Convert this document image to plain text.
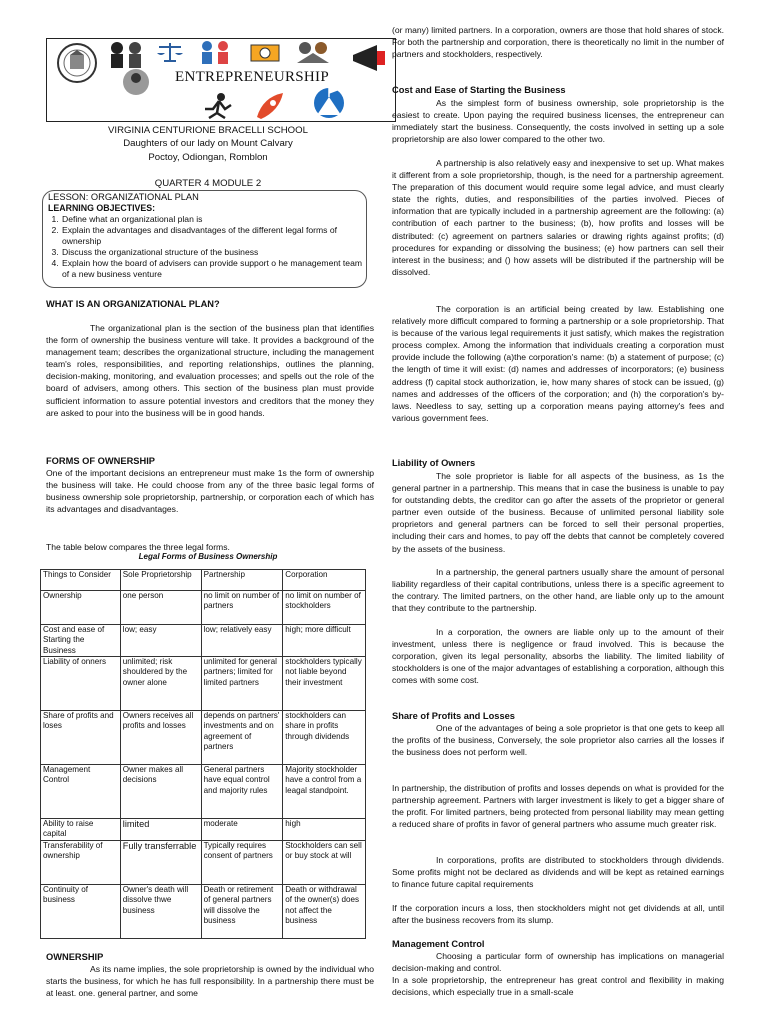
ENTREPRENEURSHIP
VIRGINIA CENTURIONE BRACELLI SCHOOL
Daughters of our lady on Mount Calvary
Poctoy, Odiongan, Romblon
QUARTER 4 MODULE 2
LESSON: ORGANIZATIONAL PLAN
LEARNING OBJECTIVES:
1. Define what an organizational plan is
2. Explain the advantages and disadvantages of the different legal forms of ownership
3. Discuss the organizational structure of the business
4. Explain how the board of advisers can provide support o he management team of a new business venture
WHAT IS AN ORGANIZATIONAL PLAN?

The organizational plan is the section of the business plan that identifies the form of ownership the business venture will take. It provides a background of the management team; describes the organizational structure, including the management team's roles, responsibilities, and reporting relationships, outlines the planning, decision-making, monitoring, and evaluation processes; and spells out the role of the board of advisers, among others. This section of the business plan must provide sufficient information to assure potential investors and creditors that the money they are asked to pour into the business will be in good hands.

FORMS OF OWNERSHIP

One of the important decisions an entrepreneur must make 1s the form of ownership the business will take. He could choose from any of the three basic legal forms of business ownership sole proprietorship, partnership, or corporation each of which has its advantages and disadvantages.

The table below compares the three legal forms.

Legal Forms of Business Ownership

Things to Consider	Sole Proprietorship	Partnership	Corporation
Ownership	one person	no limit on number of partners	no limit on number of stockholders
Cost and ease of Starting the Business	low; easy	low; relatively easy	high; more difficult
Liability of onners	unlimited; risk shouldered by the owner alone	unlimited for general partners; limited for limited partners	stockholders typically not liable beyond their investment
Share of profits and loses	Owners receives all profits and losses	depends on partners' investments and on agreement of partners	stockholders can share in profits through dividends
Management Control	Owner makes all decisions	General partners have equal control and majority rules	Majority stockholder have a control from a leagal standpoint.
Ability to raise capital	limited	moderate	high
Transferability of ownership	Fully transferrable	Typically requires consent of partners	Stockholders can sell or buy stock at will
Continuity of business	Owner's death will dissolve thwe business	Death or retirement of general partners will dissolve the business	Death or withdrawal of the owner(s) does not affect the business
OWNERSHIP

As its name implies, the sole proprietorship is owned by the individual who starts the business, for which he has full responsibility. In a partnership there must be at least. one. general partner, and some

(or many) limited partners. In a corporation, owners are those that hold shares of stock. For both the partnership and corporation, there is theoretically no limit in the number of partners and stockholders, respectively.

Cost and Ease of Starting the Business

As the simplest form of business ownership, sole proprietorship is the easiest to create. Upon paying the required business licenses, the entrepreneur can immediately start the business. Consequently, the costs involved in setting up a sole proprietorship are also lower compared to the other two.

A partnership is also relatively easy and inexpensive to set up. What makes it different from a sole proprietorship, though, is the need for a partnership agreement. The preparation of this document would require some legal advice, and must clearly state the rights, duties, and responsibilities of the parties involved. Pieces of information that are typically included in a partnership agreement are the following: (a) contribution of each partner to the business; (b), how profits and losses will be distributed: (c) agreement on partners salaries or drawing rights against profits; (d) procedures for expanding or dissolving the business; (e) how partners can sell their interest in the business; and () how assets will be distributed if the partnership will be dissolved.

The corporation is an artificial being created by law. Establishing one relatively more difficult compared to forming a partnership or a sole proprietorship. That is because of the various legal requirements it just satisfy, which makes the registration process complex. Among the information that individuals creating a corporation must provide include the following (a)the corporation's name: (b) a statement of purpose; (c) the length of time it will exist: (d) names and addresses of incorporators; (e) business address (f) capital stock authorization, ie, how many shares of stock can be issued, (g) names and addresses of the officers of the corporation; and (h) the corporation's by-laws. Needless to say, setting up a corporation means paying attorney's fees and various government fees.

Liability of Owners

The sole proprietor is liable for all aspects of the business, as 1s the general partner in a partnership. This means that in case the business is unable to pay for outstanding debts, the creditor can go after the assets of the proprietor or general partner even outside of the business. Because of unlimited personal liability sole proprietors and general partners can be forced to sell their personal properties, including their cars and homes, to pay off the debts that cannot be completely covered by the assets of the business.

In a partnership, the general partners usually share the amount of personal liability regardless of their capital contributions, unless there is a specific agreement to the contrary. The limited partners, on the other hand, are liable only up to the amount that they contribute to the partnership.

In a corporation, the owners are liable only up to the amount of their investment, unless there is negligence or fraud involved. This is because the corporation, given its legal personality, absorbs the liability. The limited liability of stockholders is one of the major advantages of establishing a corporation, although this comes with some cost.

Share of Profits and Losses

One of the advantages of being a sole proprietor is that one gets to keep all the profits of the business, Conversely, the sole proprietor also carries all the losses if the business does not perform well.

In partnership, the distribution of profits and losses depends on what is provided for the partnership agreement. Partners with larger investment is likely to get a bigger share of the profit. For limited partners, being protected from personal liability may mean getting a reduced share of profits in favor of general partners who assume much greater risk.

In corporations, profits are distributed to stockholders through dividends. Some profits might not be declared as dividends and will be kept as retained earnings to finance future capital requirements

If the corporation incurs a loss, then stockholders might not get dividends at all, until after the business recovers from its slump.

Management Control

Choosing a particular form of ownership has implications on managerial decision-making and control.

In a sole proprietorship, the entrepreneur has great control and flexibility in making decisions, which especially true in a small-scale
